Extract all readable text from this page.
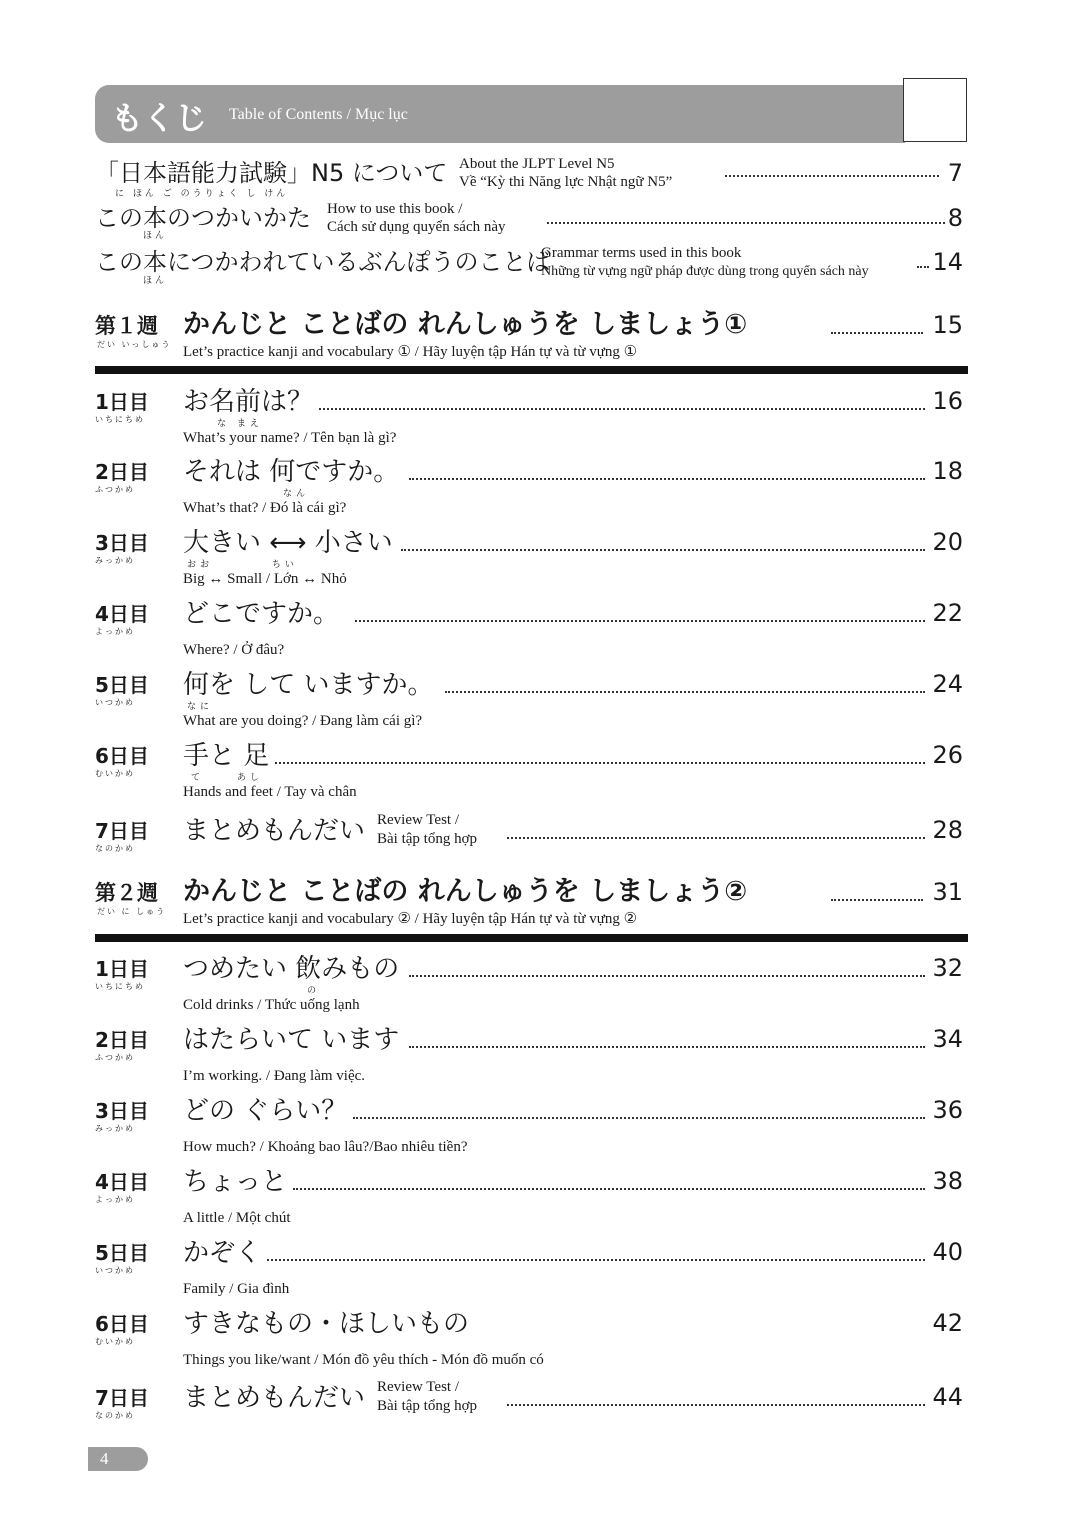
もくじ Table of Contents / Mục lục
「日本語能力試験」N5 について
に ほん ご のうりょく し けん
About the JLPT Level N5
Về “Kỳ thi Năng lực Nhật ngữ N5”	7
この本のつかいかた
ほん
How to use this book /
Cách sử dụng quyển sách này	8
この本につかわれているぶんぽうのことば
ほん
Grammar terms used in this book
Những từ vựng ngữ pháp được dùng trong quyển sách này	14
第１週
だい いっしゅう
かんじと ことばの れんしゅうを しましょう①
Let’s practice kanji and vocabulary ① / Hãy luyện tập Hán tự và từ vựng ①
15
1日目
いちにちめ
お名前は？
な まえ
What’s your name? / Tên bạn là gì?
16
2日目
ふつかめ
それは 何ですか。
なん
What’s that? / Đó là cái gì?
18
3日目
みっかめ
大きい ⟷ 小さい
おお　　　　 ちい
Big ↔ Small / Lớn ↔ Nhỏ
20
4日目
よっかめ
どこですか。
Where? / Ở đâu?
22
5日目
いつかめ
何を して いますか。
なに
What are you doing? / Đang làm cái gì?
24
6日目
むいかめ
手と 足
て　　 あし
Hands and feet / Tay và chân
26
7日目
なのかめ
まとめもんだい Review Test /
Bài tập tổng hợp	28
第２週
だい に しゅう
かんじと ことばの れんしゅうを しましょう②
Let’s practice kanji and vocabulary ② / Hãy luyện tập Hán tự và từ vựng ②
31
1日目
いちにちめ
つめたい 飲みもの
の
Cold drinks / Thức uống lạnh
32
2日目
ふつかめ
はたらいて います
I’m working. / Đang làm việc.
34
3日目
みっかめ
どの ぐらい？
How much? / Khoảng bao lâu?/Bao nhiêu tiền?
36
4日目
よっかめ
ちょっと
A little / Một chút
38
5日目
いつかめ
かぞく
Family / Gia đình
40
6日目
むいかめ
すきなもの・ほしいもの
Things you like/want / Món đồ yêu thích - Món đồ muốn có
42
7日目
なのかめ
まとめもんだい Review Test /
Bài tập tổng hợp	44
4
